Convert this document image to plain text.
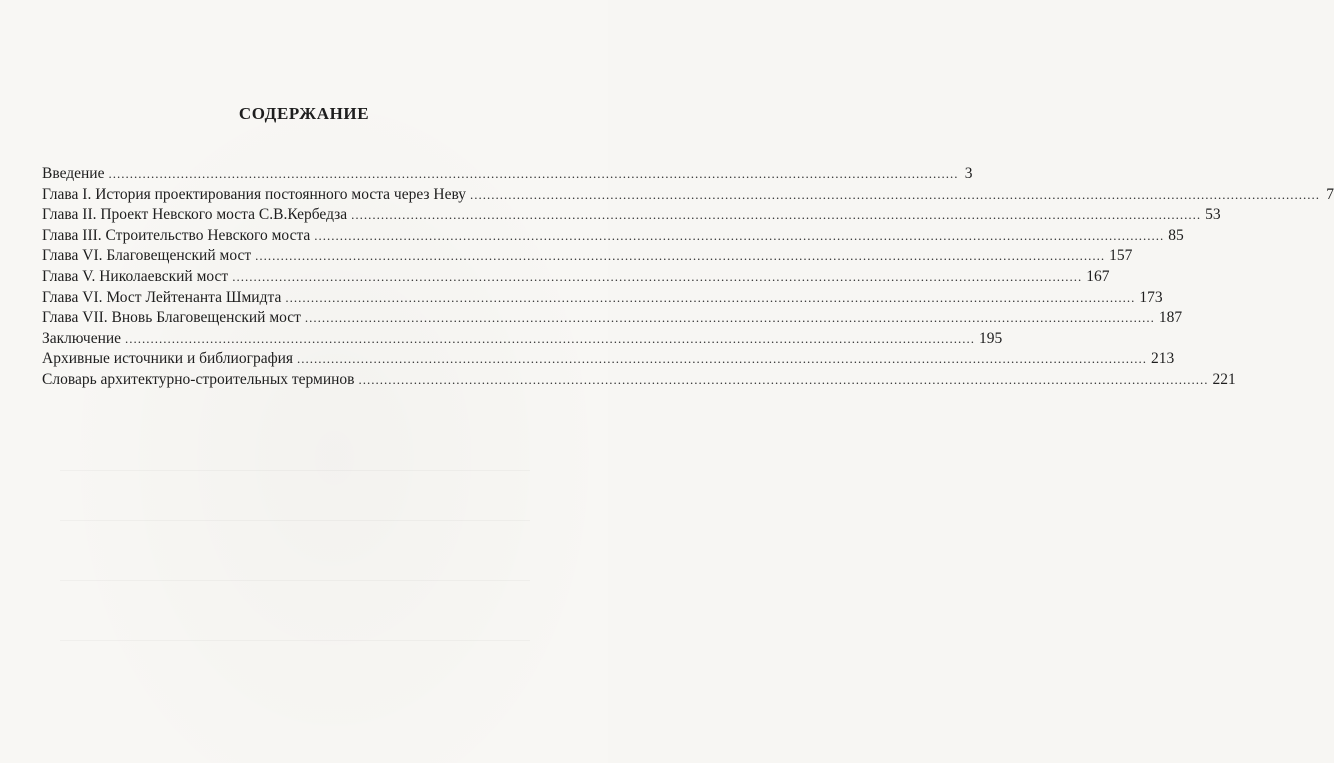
СОДЕРЖАНИЕ
Введение ........................................................................................................................................................................................................ 3
Глава I. История проектирования постоянного моста через Неву ........................................................................................................................................................................................................ 7
Глава II. Проект Невского моста С.В.Кербедза ........................................................................................................................................................................................................ 53
Глава III. Строительство Невского моста ........................................................................................................................................................................................................ 85
Глава VI. Благовещенский мост ........................................................................................................................................................................................................ 157
Глава V. Николаевский мост ........................................................................................................................................................................................................ 167
Глава VI. Мост Лейтенанта Шмидта ........................................................................................................................................................................................................ 173
Глава VII. Вновь Благовещенский мост ........................................................................................................................................................................................................ 187
Заключение ........................................................................................................................................................................................................ 195
Архивные источники и библиография ........................................................................................................................................................................................................ 213
Словарь архитектурно-строительных терминов ........................................................................................................................................................................................................ 221
